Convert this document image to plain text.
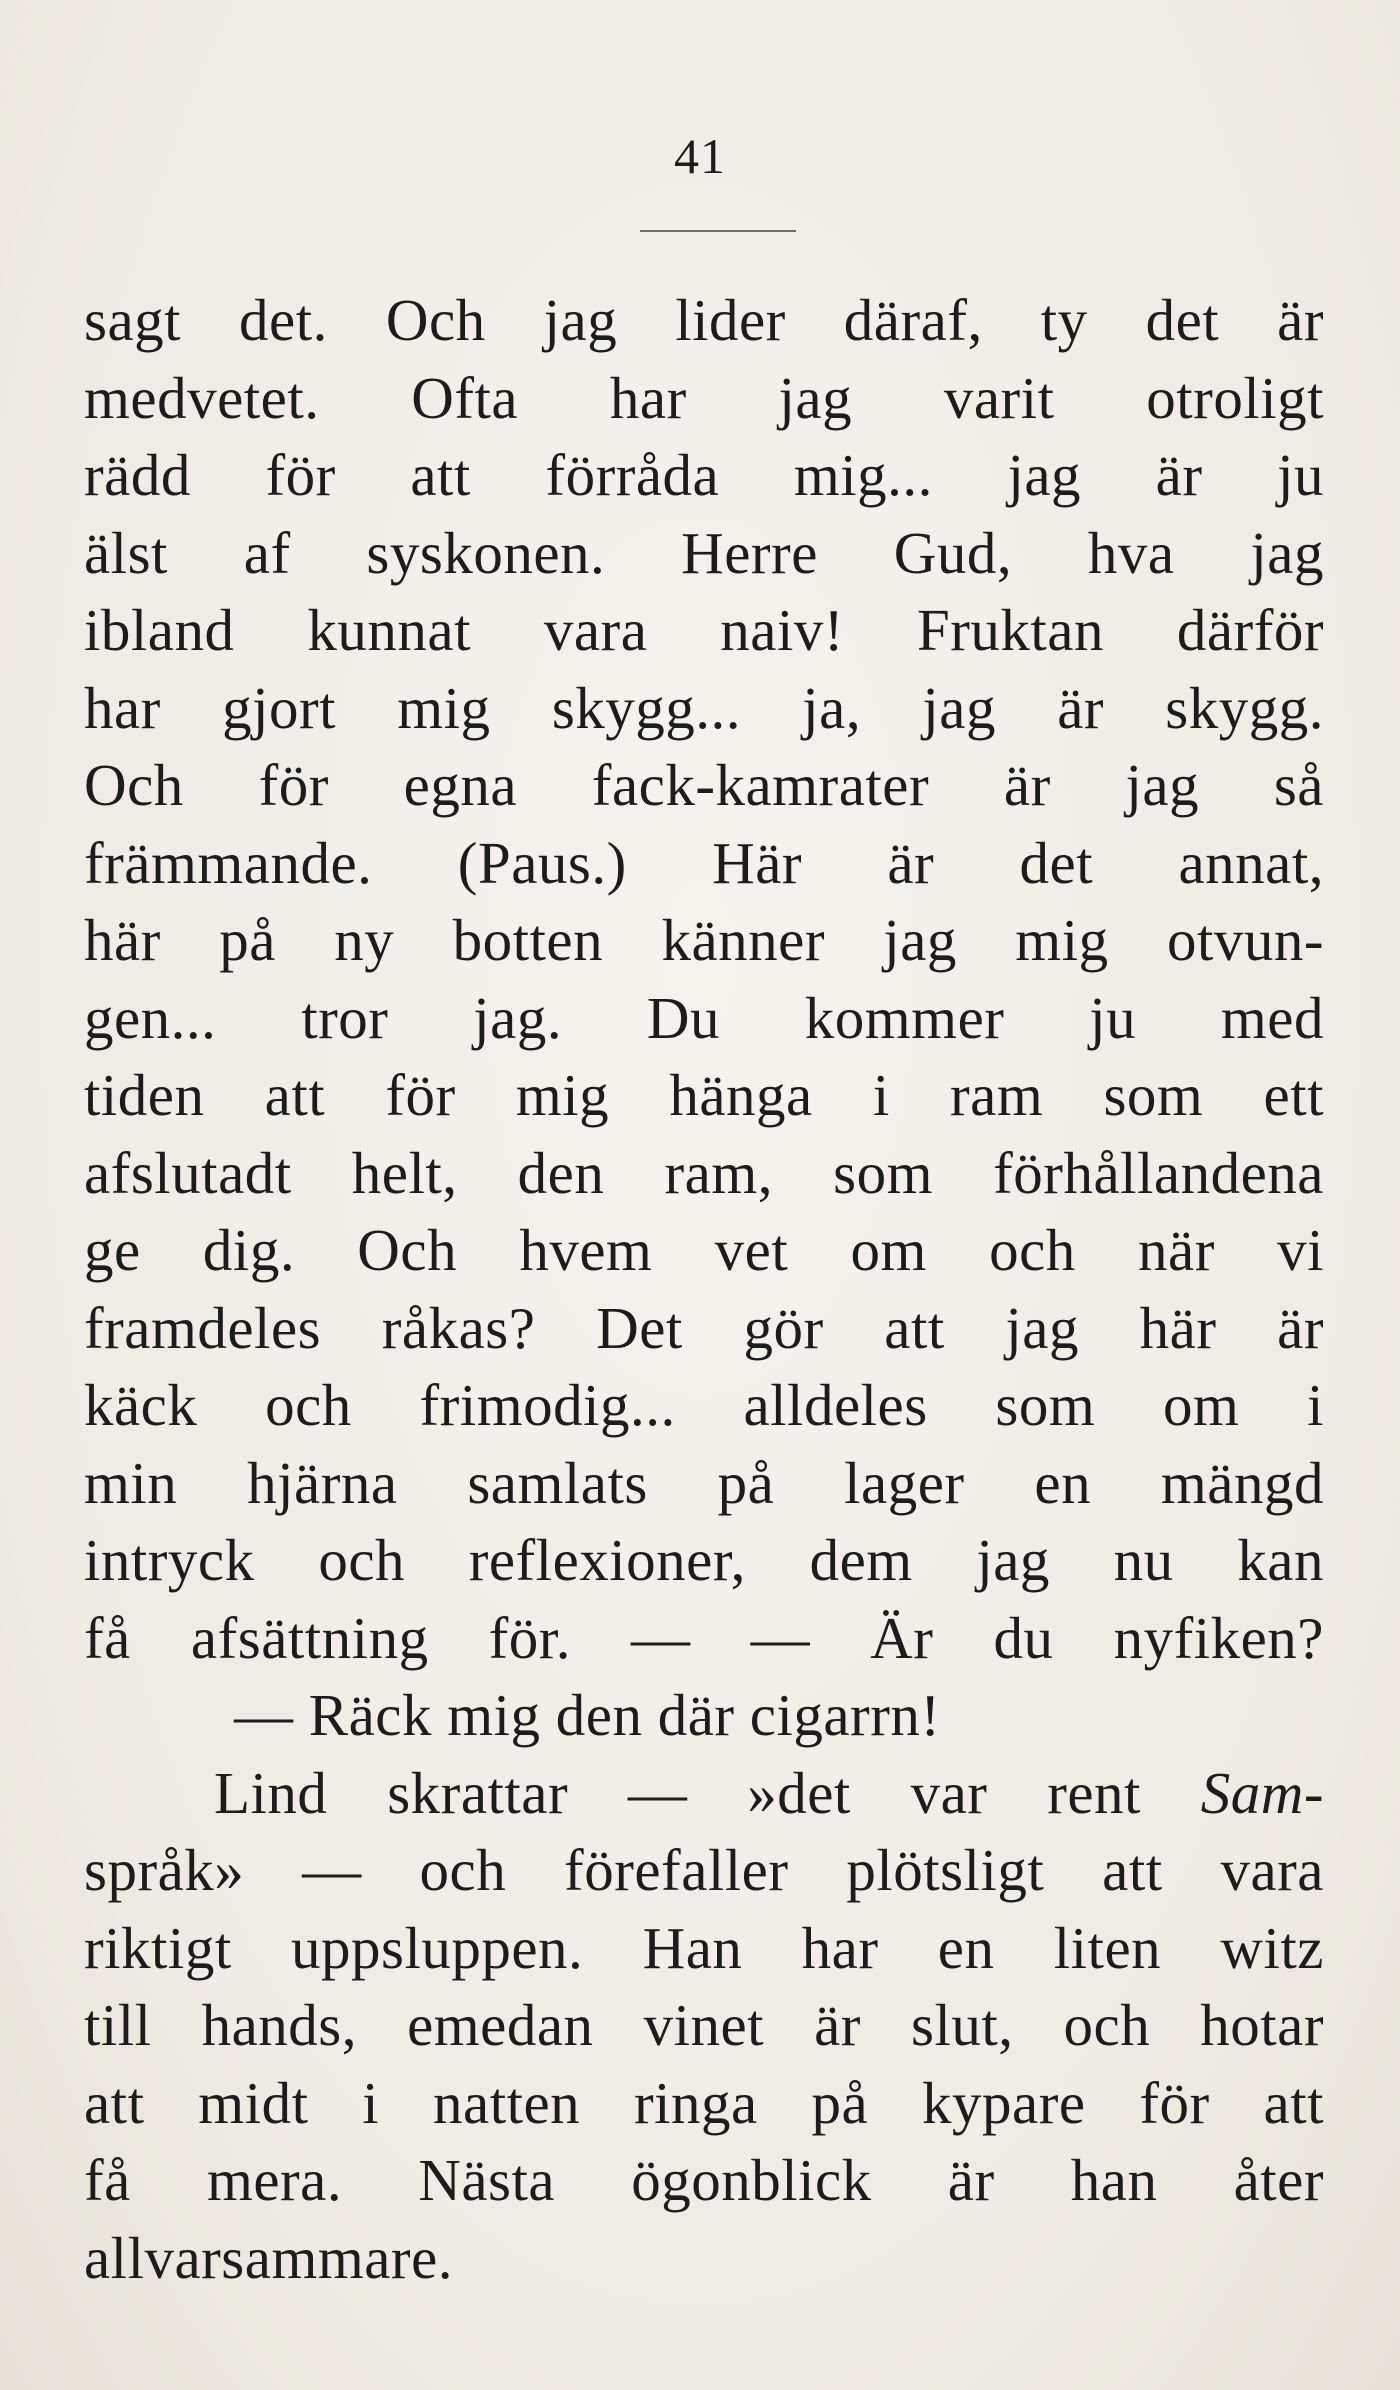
41
sagt det. Och jag lider däraf, ty det är
medvetet. Ofta har jag varit otroligt
rädd för att förråda mig... jag är ju
älst af syskonen. Herre Gud, hva jag
ibland kunnat vara naiv! Fruktan därför
har gjort mig skygg... ja, jag är skygg.
Och för egna fack-kamrater är jag så
främmande. (Paus.) Här är det annat,
här på ny botten känner jag mig otvun-
gen... tror jag. Du kommer ju med
tiden att för mig hänga i ram som ett
afslutadt helt, den ram, som förhållandena
ge dig. Och hvem vet om och när vi
framdeles råkas? Det gör att jag här är
käck och frimodig... alldeles som om i
min hjärna samlats på lager en mängd
intryck och reflexioner, dem jag nu kan
få afsättning för. — — Är du nyfiken?
— Räck mig den där cigarrn!
Lind skrattar — »det var rent Sam-
språk» — och förefaller plötsligt att vara
riktigt uppsluppen. Han har en liten witz
till hands, emedan vinet är slut, och hotar
att midt i natten ringa på kypare för att
få mera. Nästa ögonblick är han åter
allvarsammare.
